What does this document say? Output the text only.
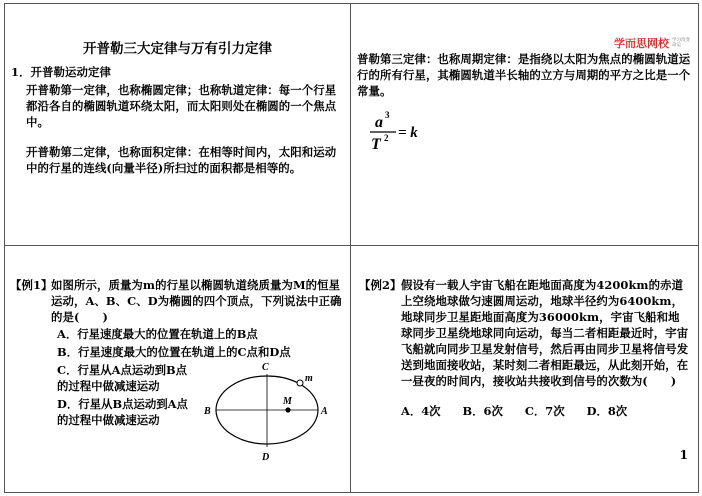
开普勒三大定律与万有引力定律
1．开普勒运动定律

开普勒第一定律，也称椭圆定律；也称轨道定律：每一个行星都沿各自的椭圆轨道环绕太阳，而太阳则处在椭圆的一个焦点中。

开普勒第二定律，也称面积定律：在相等时间内，太阳和运动中的行星的连线(向量半径)所扫过的面积都是相等的。

学而思网校 学习改变命运

普勒第三定律：也称周期定律：是指绕以太阳为焦点的椭圆轨道运行的所有行星，其椭圆轨道半长轴的立方与周期的平方之比是一个常量。

a 3
T 2 = k
【例1】

如图所示，质量为m的行星以椭圆轨道绕质量为M的恒星运动，A、B、C、D为椭圆的四个顶点，下列说法中正确的是(　　)

A．行星速度最大的位置在轨道上的B点
B．行星速度最大的位置在轨道上的C点和D点
C．行星从A点运动到B点的过程中做减速运动
D．行星从B点运动到A点的过程中做减速运动
C
D
B	A
M
m
【例2】 假设有一载人宇宙飞船在距地面高度为4200km的赤道上空绕地球做匀速圆周运动，地球半径约为6400km，地球同步卫星距地面高度为36000km，宇宙飞船和地球同步卫星绕地球同向运动，每当二者相距最近时，宇宙飞船就向同步卫星发射信号，然后再由同步卫星将信号发送到地面接收站，某时刻二者相距最远，从此刻开始，在一昼夜的时间内，接收站共接收到信号的次数为(　　)

A．4次 B．6次 C．7次 D．8次
1
